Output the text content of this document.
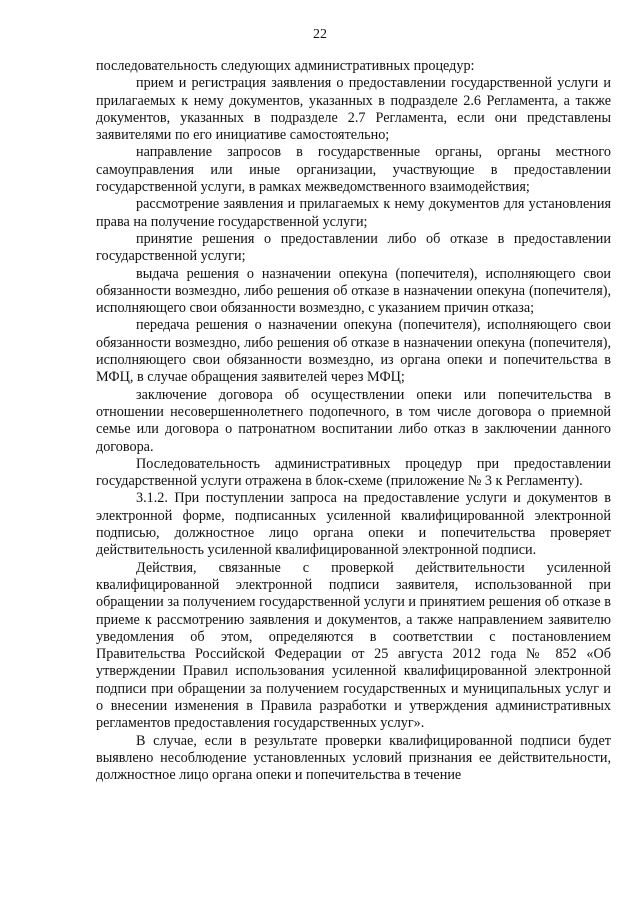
22

последовательность следующих административных процедур:

прием и регистрация заявления о предоставлении государственной услуги и прилагаемых к нему документов, указанных в подразделе 2.6 Регламента, а также документов, указанных в подразделе 2.7 Регламента, если они представлены заявителями по его инициативе самостоятельно;

направление запросов в государственные органы, органы местного самоуправления или иные организации, участвующие в предоставлении государственной услуги, в рамках межведомственного взаимодействия;

рассмотрение заявления и прилагаемых к нему документов для установления права на получение государственной услуги;

принятие решения о предоставлении либо об отказе в предоставлении государственной услуги;

выдача решения о назначении опекуна (попечителя), исполняющего свои обязанности возмездно, либо решения об отказе в назначении опекуна (попечителя), исполняющего свои обязанности возмездно, с указанием причин отказа;

передача решения о назначении опекуна (попечителя), исполняющего свои обязанности возмездно, либо решения об отказе в назначении опекуна (попечителя), исполняющего свои обязанности возмездно, из органа опеки и попечительства в МФЦ, в случае обращения заявителей через МФЦ;

заключение договора об осуществлении опеки или попечительства в отношении несовершеннолетнего подопечного, в том числе договора о приемной семье или договора о патронатном воспитании либо отказ в заключении данного договора.

Последовательность административных процедур при предоставлении государственной услуги отражена в блок-схеме (приложение № 3 к Регламенту).

3.1.2. При поступлении запроса на предоставление услуги и документов в электронной форме, подписанных усиленной квалифицированной электронной подписью, должностное лицо органа опеки и попечительства проверяет действительность усиленной квалифицированной электронной подписи.

Действия, связанные с проверкой действительности усиленной квалифицированной электронной подписи заявителя, использованной при обращении за получением государственной услуги и принятием решения об отказе в приеме к рассмотрению заявления и документов, а также направлением заявителю уведомления об этом, определяются в соответствии с постановлением Правительства Российской Федерации от 25 августа 2012 года № 852 «Об утверждении Правил использования усиленной квалифицированной электронной подписи при обращении за получением государственных и муниципальных услуг и о внесении изменения в Правила разработки и утверждения административных регламентов предоставления государственных услуг».

В случае, если в результате проверки квалифицированной подписи будет выявлено несоблюдение установленных условий признания ее действительности, должностное лицо органа опеки и попечительства в течение
